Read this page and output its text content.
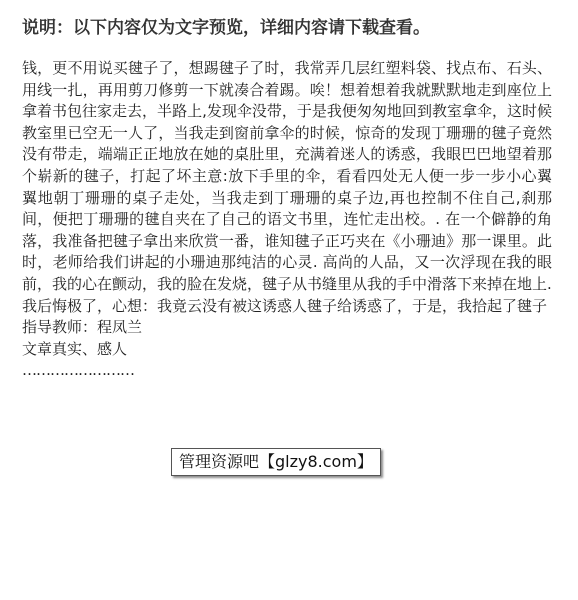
说明：以下内容仅为文字预览，详细内容请下载查看。

钱，更不用说买毽子了，想踢毽子了时，我常弄几层红塑料袋、找点布、石头、用线一扎，再用剪刀修剪一下就凑合着踢。唉！想着想着我就默默地走到座位上拿着书包往家走去，半路上,发现伞没带，于是我便匆匆地回到教室拿伞，这时候教室里已空无一人了，当我走到窗前拿伞的时候，惊奇的发现丁珊珊的毽子竟然没有带走，端端正正地放在她的桌肚里，充满着迷人的诱惑，我眼巴巴地望着那个崭新的毽子，打起了坏主意:放下手里的伞，看看四处无人便一步一步小心翼翼地朝丁珊珊的桌子走处，当我走到丁珊珊的桌子边,再也控制不住自己,刹那间，便把丁珊珊的毽自夹在了自己的语文书里，连忙走出校。. 在一个僻静的角落，我准备把毽子拿出来欣赏一番，谁知毽子正巧夹在《小珊迪》那一课里。此时，老师给我们讲起的小珊迪那纯洁的心灵. 高尚的人品，又一次浮现在我的眼前，我的心在颤动，我的脸在发烧，毽子从书缝里从我的手中滑落下来掉在地上.

我后悔极了，心想：我竟云没有被这诱惑人毽子给诱惑了，于是，我拾起了毽子

指导教师：程凤兰

文章真实、感人

……………………

管理资源吧【glzy8.com】
